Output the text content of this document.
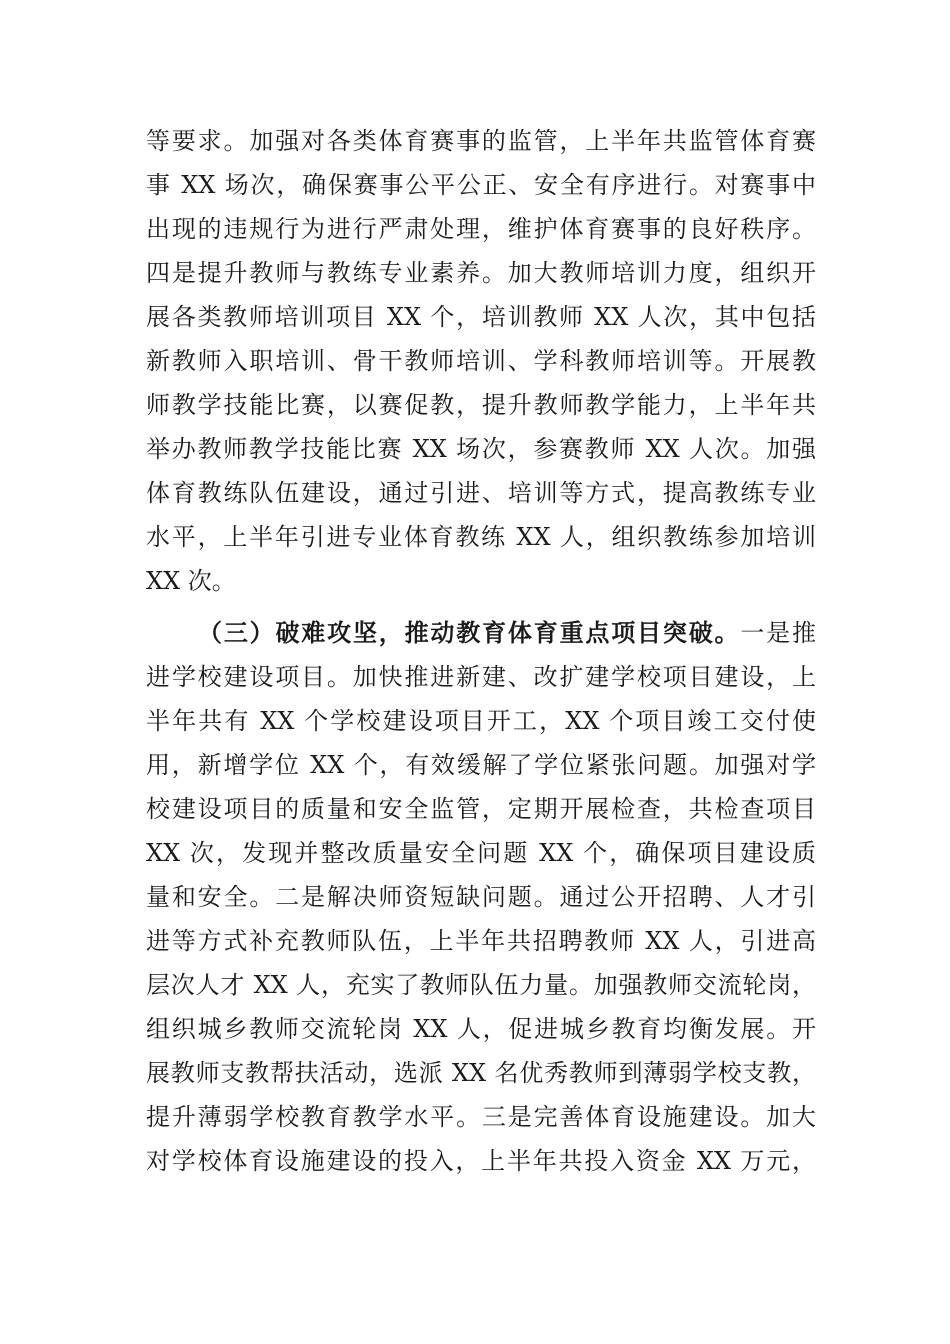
等要求。加强对各类体育赛事的监管，上半年共监管体育赛
事 XX 场次，确保赛事公平公正、安全有序进行。对赛事中
出现的违规行为进行严肃处理，维护体育赛事的良好秩序。
四是提升教师与教练专业素养。加大教师培训力度，组织开
展各类教师培训项目 XX 个，培训教师 XX 人次，其中包括
新教师入职培训、骨干教师培训、学科教师培训等。开展教
师教学技能比赛，以赛促教，提升教师教学能力，上半年共
举办教师教学技能比赛 XX 场次，参赛教师 XX 人次。加强
体育教练队伍建设，通过引进、培训等方式，提高教练专业
水平，上半年引进专业体育教练 XX 人，组织教练参加培训
XX 次。
（三）破难攻坚，推动教育体育重点项目突破。一是推
进学校建设项目。加快推进新建、改扩建学校项目建设，上
半年共有 XX 个学校建设项目开工，XX 个项目竣工交付使
用，新增学位 XX 个，有效缓解了学位紧张问题。加强对学
校建设项目的质量和安全监管，定期开展检查，共检查项目
XX 次，发现并整改质量安全问题 XX 个，确保项目建设质
量和安全。二是解决师资短缺问题。通过公开招聘、人才引
进等方式补充教师队伍，上半年共招聘教师 XX 人，引进高
层次人才 XX 人，充实了教师队伍力量。加强教师交流轮岗，
组织城乡教师交流轮岗 XX 人，促进城乡教育均衡发展。开
展教师支教帮扶活动，选派 XX 名优秀教师到薄弱学校支教，
提升薄弱学校教育教学水平。三是完善体育设施建设。加大
对学校体育设施建设的投入，上半年共投入资金 XX 万元，
